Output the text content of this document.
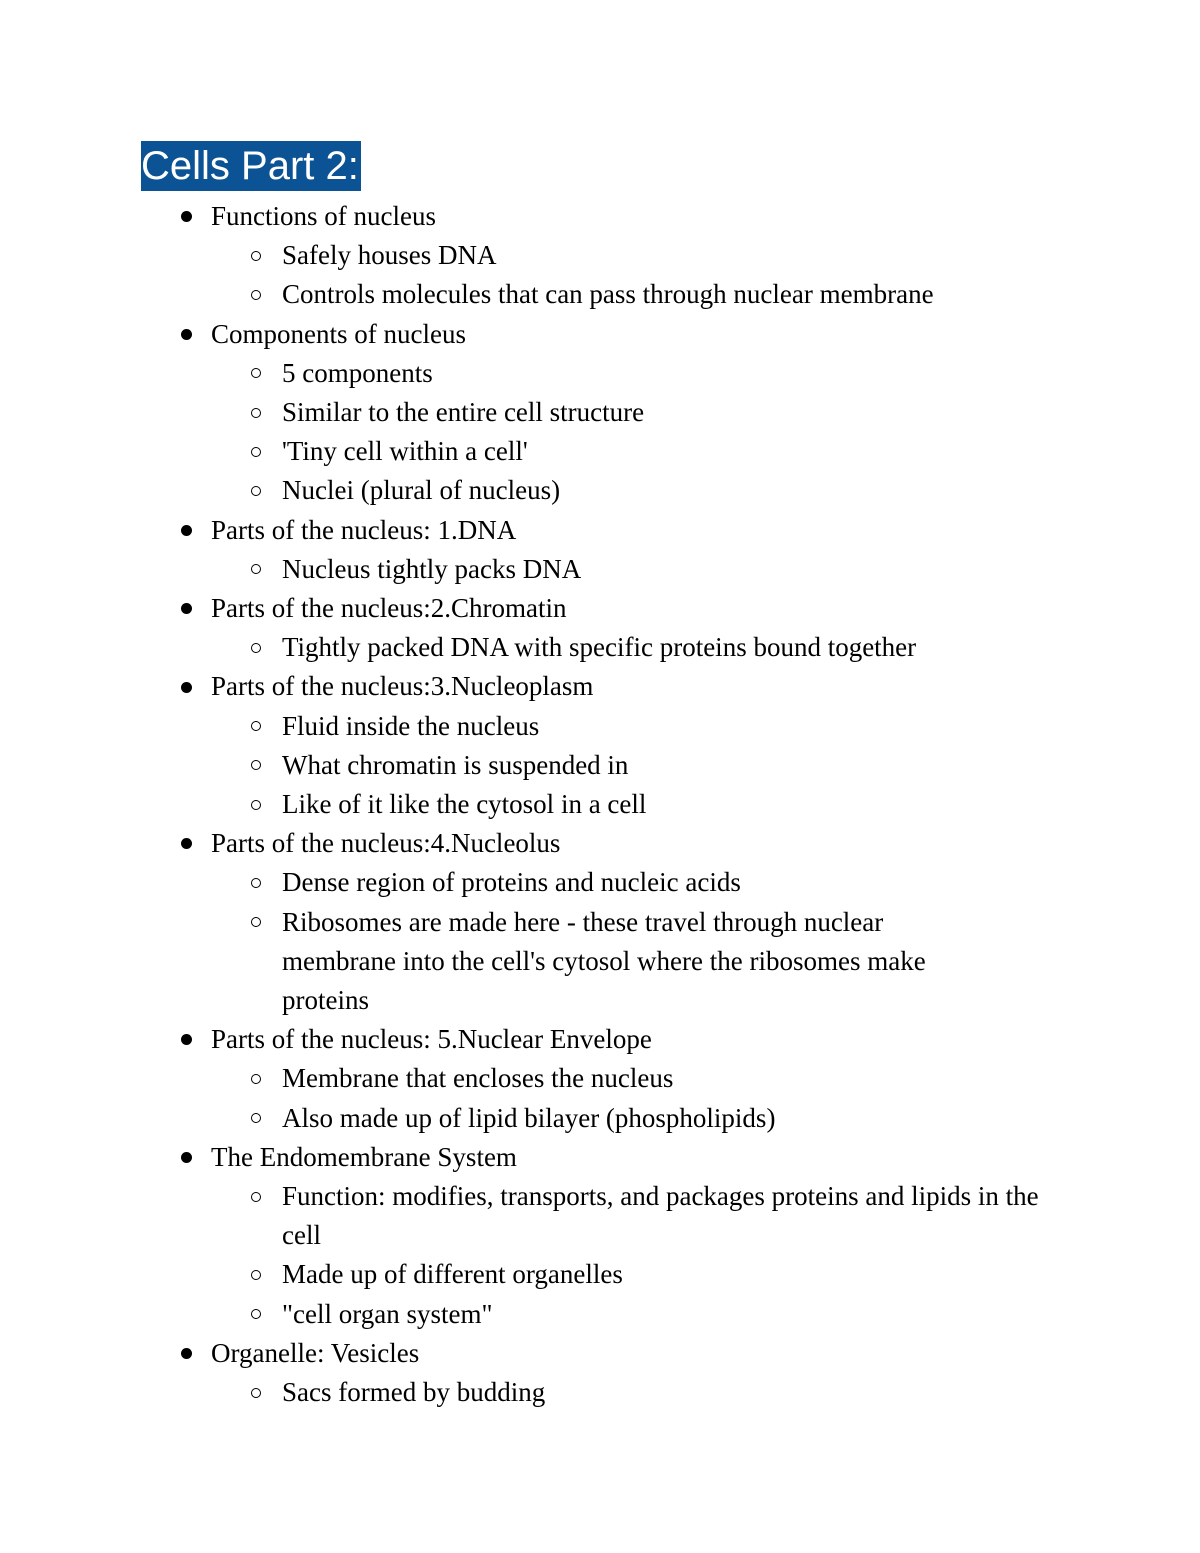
Cells Part 2:
Functions of nucleus
Safely houses DNA
Controls molecules that can pass through nuclear membrane
Components of nucleus
5 components
Similar to the entire cell structure
'Tiny cell within a cell'
Nuclei (plural of nucleus)
Parts of the nucleus: 1.DNA
Nucleus tightly packs DNA
Parts of the nucleus:2.Chromatin
Tightly packed DNA with specific proteins bound together
Parts of the nucleus:3.Nucleoplasm
Fluid inside the nucleus
What chromatin is suspended in
Like of it like the cytosol in a cell
Parts of the nucleus:4.Nucleolus
Dense region of proteins and nucleic acids
Ribosomes are made here - these travel through nuclear membrane into the cell's cytosol where the ribosomes make proteins
Parts of the nucleus: 5.Nuclear Envelope
Membrane that encloses the nucleus
Also made up of lipid bilayer (phospholipids)
The Endomembrane System
Function: modifies, transports, and packages proteins and lipids in the cell
Made up of different organelles
"cell organ system"
Organelle: Vesicles
Sacs formed by budding
